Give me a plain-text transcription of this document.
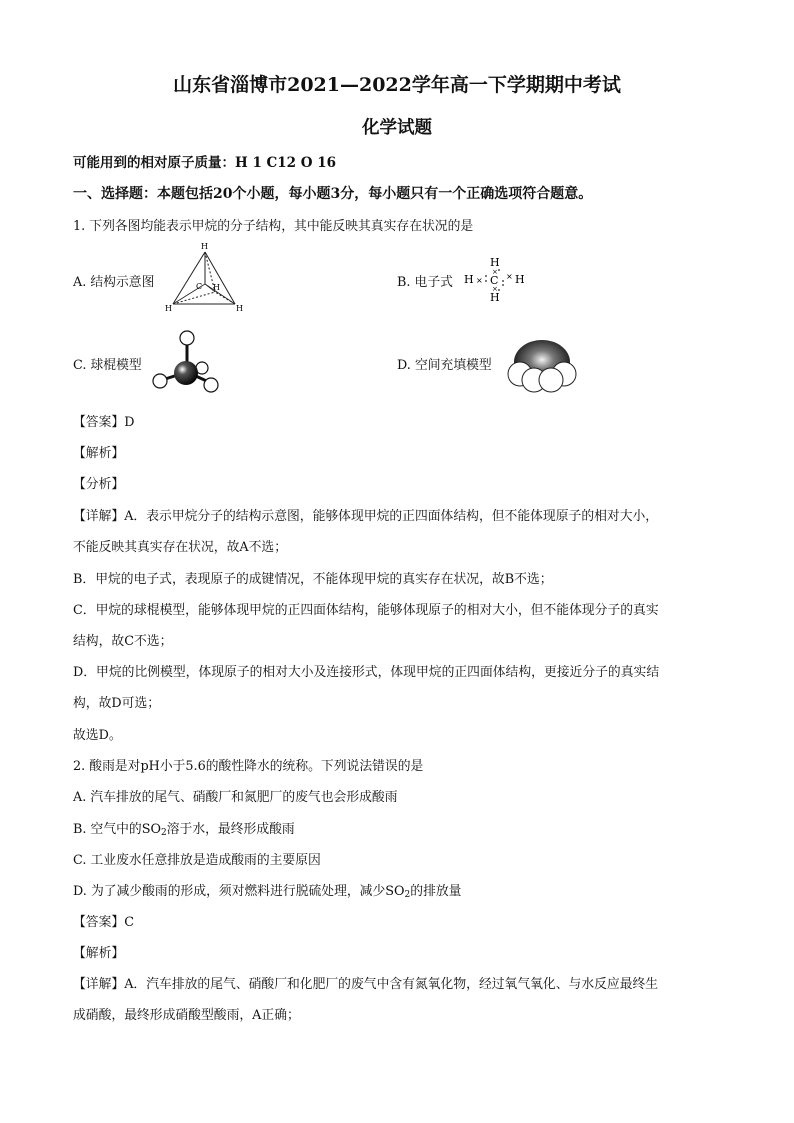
山东省淄博市2021—2022学年高一下学期期中考试
化学试题
可能用到的相对原子质量：H 1 C12 O 16
一、选择题：本题包括20个小题，每小题3分，每小题只有一个正确选项符合题意。
1. 下列各图均能表示甲烷的分子结构，其中能反映其真实存在状况的是
A. 结构示意图
H
H	H
C H	B. 电子式
H
H C H
H
×	×
×
×
C. 球棍模型	D. 空间充填模型
【答案】D
【解析】
【分析】
【详解】A．表示甲烷分子的结构示意图，能够体现甲烷的正四面体结构，但不能体现原子的相对大小，
不能反映其真实存在状况，故A不选；
B．甲烷的电子式，表现原子的成键情况，不能体现甲烷的真实存在状况，故B不选；
C．甲烷的球棍模型，能够体现甲烷的正四面体结构，能够体现原子的相对大小，但不能体现分子的真实
结构，故C不选；
D．甲烷的比例模型，体现原子的相对大小及连接形式，体现甲烷的正四面体结构，更接近分子的真实结
构，故D可选；
故选D。
2. 酸雨是对pH小于5.6的酸性降水的统称。下列说法错误的是
A. 汽车排放的尾气、硝酸厂和氮肥厂的废气也会形成酸雨
B. 空气中的$SO_2$溶于水，最终形成酸雨
C. 工业废水任意排放是造成酸雨的主要原因
D. 为了减少酸雨的形成，须对燃料进行脱硫处理，减少$SO_2$的排放量
【答案】C
【解析】
【详解】A．汽车排放的尾气、硝酸厂和化肥厂的废气中含有氮氧化物，经过氧气氧化、与水反应最终生
成硝酸，最终形成硝酸型酸雨，A正确；
